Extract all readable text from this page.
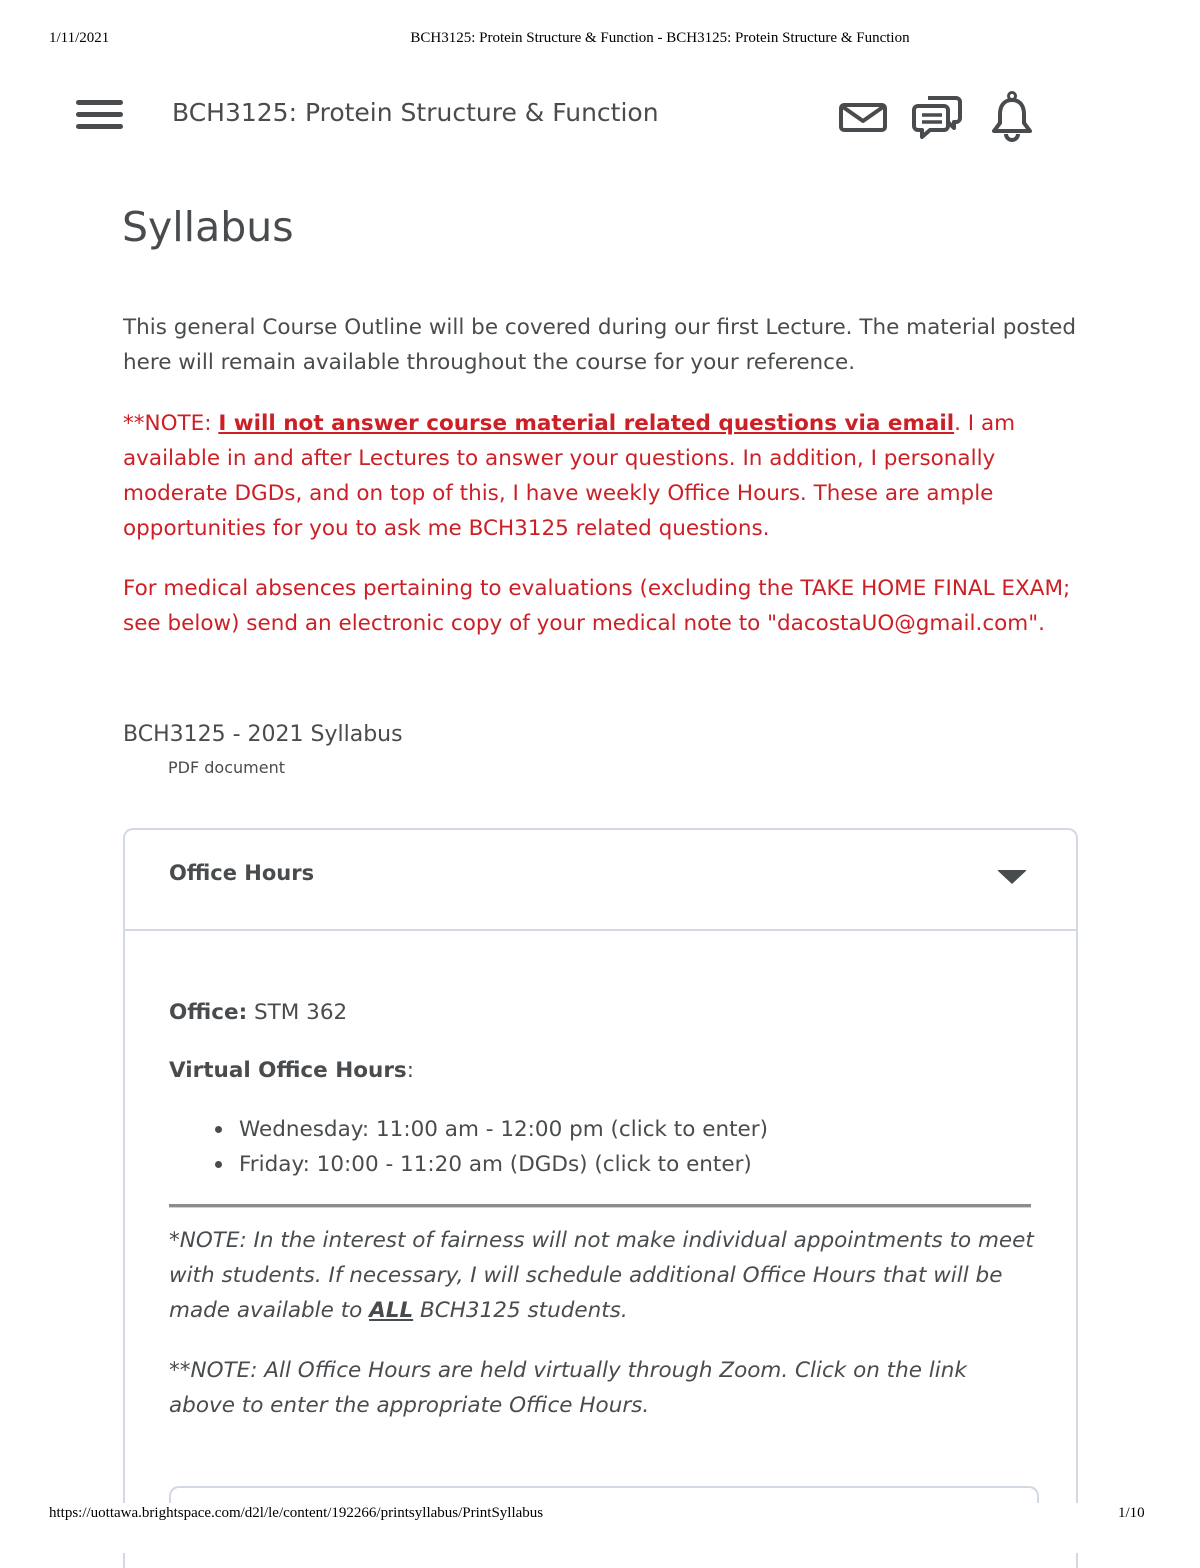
1/11/2021	BCH3125: Protein Structure & Function - BCH3125: Protein Structure & Function
BCH3125: Protein Structure & Function
Syllabus
This general Course Outline will be covered during our first Lecture. The material posted here will remain available throughout the course for your reference.
**NOTE: I will not answer course material related questions via email. I am available in and after Lectures to answer your questions. In addition, I personally moderate DGDs, and on top of this, I have weekly Office Hours. These are ample opportunities for you to ask me BCH3125 related questions.
For medical absences pertaining to evaluations (excluding the TAKE HOME FINAL EXAM; see below) send an electronic copy of your medical note to "dacostaUO@gmail.com".
BCH3125 - 2021 Syllabus
PDF document
Office Hours
Office: STM 362
Virtual Office Hours:
Wednesday: 11:00 am - 12:00 pm (click to enter)
Friday: 10:00 - 11:20 am (DGDs) (click to enter)
*NOTE: In the interest of fairness will not make individual appointments to meet with students. If necessary, I will schedule additional Office Hours that will be made available to ALL BCH3125 students.
**NOTE: All Office Hours are held virtually through Zoom. Click on the link above to enter the appropriate Office Hours.
https://uottawa.brightspace.com/d2l/le/content/192266/printsyllabus/PrintSyllabus	1/10
